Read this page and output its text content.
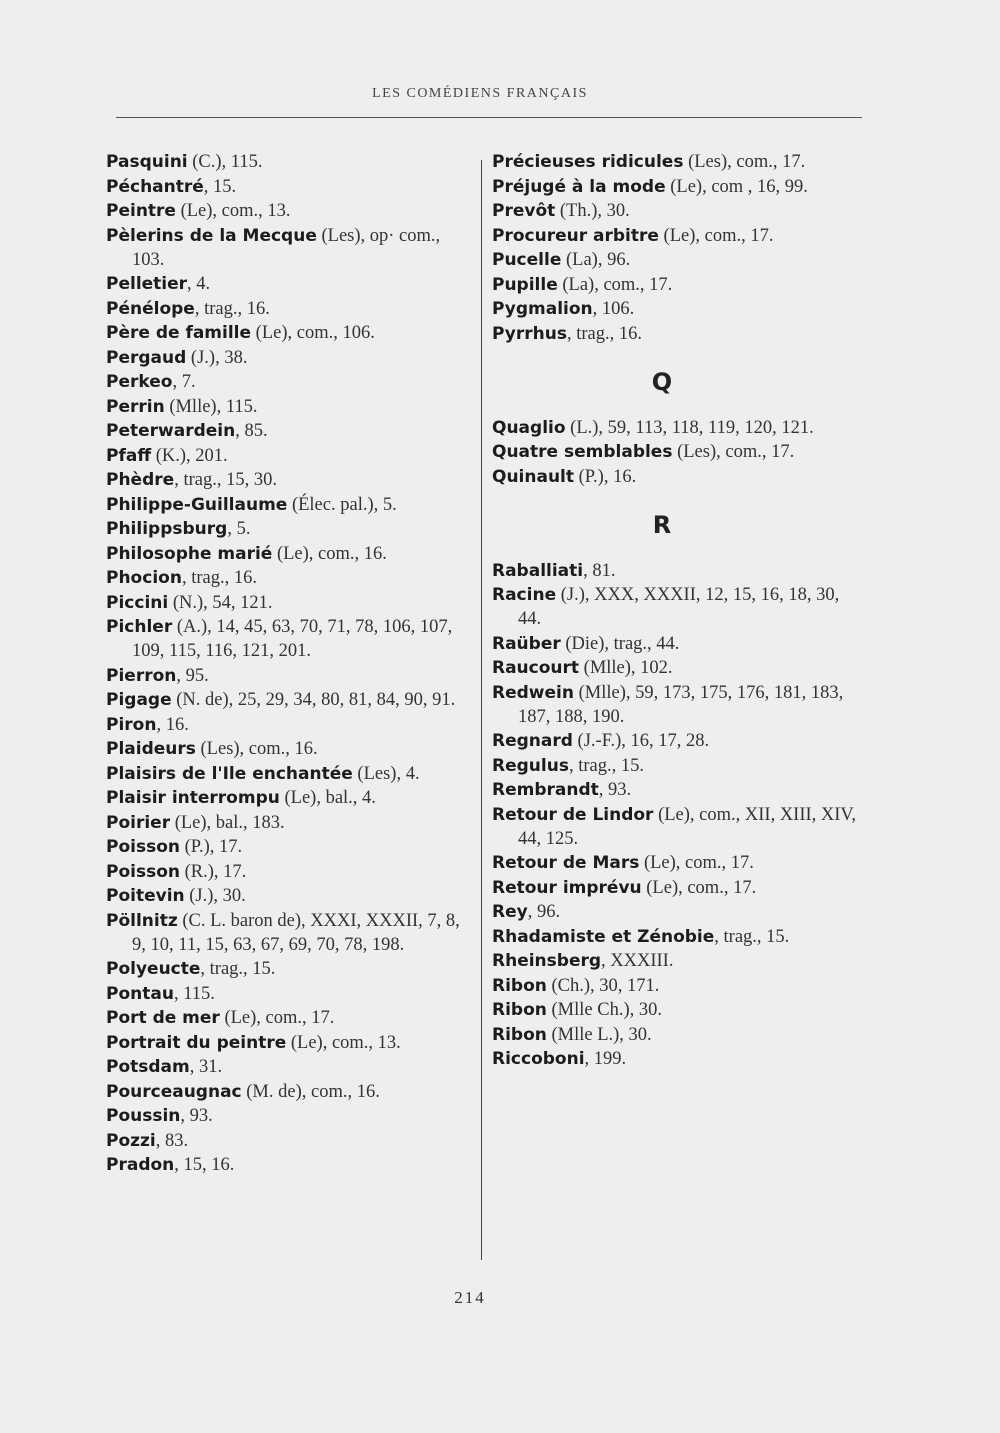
LES COMÉDIENS FRANÇAIS
Pasquini (C.), 115.
Péchantré, 15.
Peintre (Le), com., 13.
Pèlerins de la Mecque (Les), op· com., 103.
Pelletier, 4.
Pénélope, trag., 16.
Père de famille (Le), com., 106.
Pergaud (J.), 38.
Perkeo, 7.
Perrin (Mlle), 115.
Peterwardein, 85.
Pfaff (K.), 201.
Phèdre, trag., 15, 30.
Philippe-Guillaume (Élec. pal.), 5.
Philippsburg, 5.
Philosophe marié (Le), com., 16.
Phocion, trag., 16.
Piccini (N.), 54, 121.
Pichler (A.), 14, 45, 63, 70, 71, 78, 106, 107, 109, 115, 116, 121, 201.
Pierron, 95.
Pigage (N. de), 25, 29, 34, 80, 81, 84, 90, 91.
Piron, 16.
Plaideurs (Les), com., 16.
Plaisirs de l'Ile enchantée (Les), 4.
Plaisir interrompu (Le), bal., 4.
Poirier (Le), bal., 183.
Poisson (P.), 17.
Poisson (R.), 17.
Poitevin (J.), 30.
Pöllnitz (C. L. baron de), XXXI, XXXII, 7, 8, 9, 10, 11, 15, 63, 67, 69, 70, 78, 198.
Polyeucte, trag., 15.
Pontau, 115.
Port de mer (Le), com., 17.
Portrait du peintre (Le), com., 13.
Potsdam, 31.
Pourceaugnac (M. de), com., 16.
Poussin, 93.
Pozzi, 83.
Pradon, 15, 16.
Précieuses ridicules (Les), com., 17.
Préjugé à la mode (Le), com , 16, 99.
Prevôt (Th.), 30.
Procureur arbitre (Le), com., 17.
Pucelle (La), 96.
Pupille (La), com., 17.
Pygmalion, 106.
Pyrrhus, trag., 16.
Q
Quaglio (L.), 59, 113, 118, 119, 120, 121.
Quatre semblables (Les), com., 17.
Quinault (P.), 16.
R
Raballiati, 81.
Racine (J.), XXX, XXXII, 12, 15, 16, 18, 30, 44.
Raüber (Die), trag., 44.
Raucourt (Mlle), 102.
Redwein (Mlle), 59, 173, 175, 176, 181, 183, 187, 188, 190.
Regnard (J.-F.), 16, 17, 28.
Regulus, trag., 15.
Rembrandt, 93.
Retour de Lindor (Le), com., XII, XIII, XIV, 44, 125.
Retour de Mars (Le), com., 17.
Retour imprévu (Le), com., 17.
Rey, 96.
Rhadamiste et Zénobie, trag., 15.
Rheinsberg, XXXIII.
Ribon (Ch.), 30, 171.
Ribon (Mlle Ch.), 30.
Ribon (Mlle L.), 30.
Riccoboni, 199.
214
